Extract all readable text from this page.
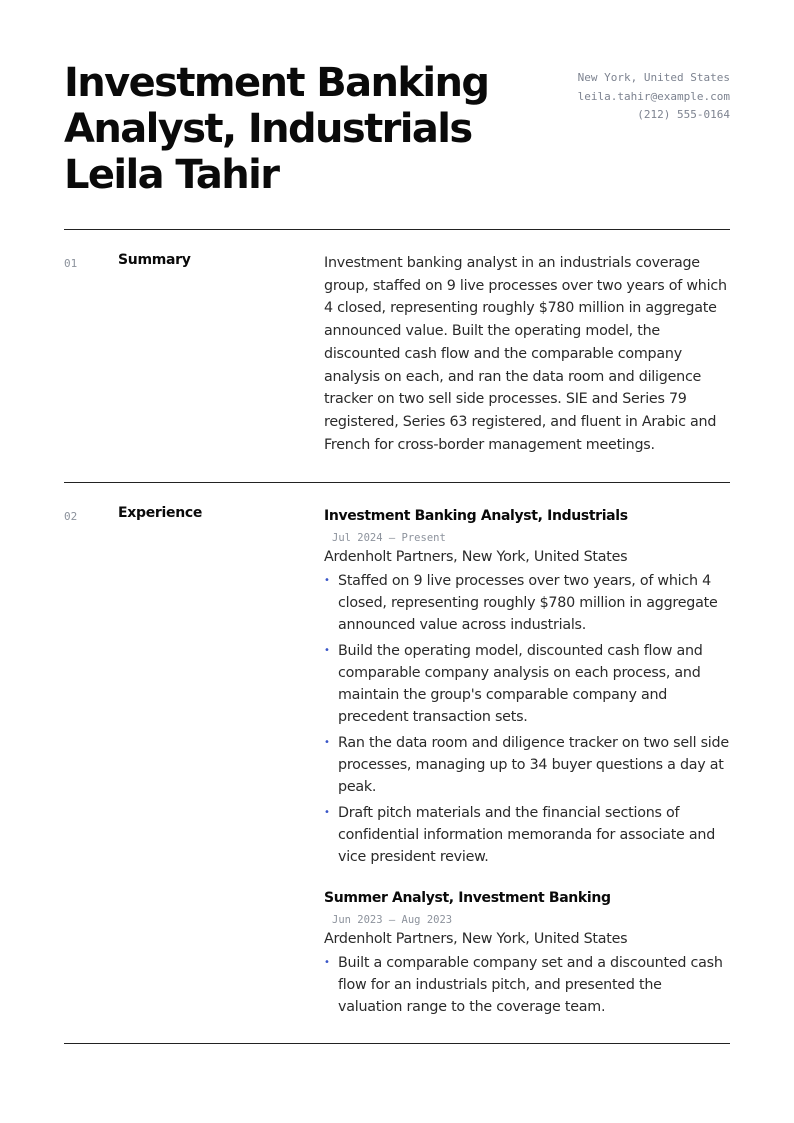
Investment Banking
Analyst, Industrials
Leila Tahir
New York, United States
leila.tahir@example.com
(212) 555-0164
01	Summary	Investment banking analyst in an industrials coverage group, staffed on 9 live processes over two years of which 4 closed, representing roughly $780 million in aggregate announced value. Built the operating model, the discounted cash flow and the comparable company analysis on each, and ran the data room and diligence tracker on two sell side processes. SIE and Series 79 registered, Series 63 registered, and fluent in Arabic and French for cross-border management meetings.
02	Experience	Investment Banking Analyst, Industrials
Jul 2024 — Present
Ardenholt Partners, New York, United States
• Staffed on 9 live processes over two years, of which 4 closed, representing roughly $780 million in aggregate announced value across industrials.
• Build the operating model, discounted cash flow and comparable company analysis on each process, and maintain the group's comparable company and precedent transaction sets.
• Ran the data room and diligence tracker on two sell side processes, managing up to 34 buyer questions a day at peak.
• Draft pitch materials and the financial sections of confidential information memoranda for associate and vice president review.
Summer Analyst, Investment Banking
Jun 2023 — Aug 2023
Ardenholt Partners, New York, United States
• Built a comparable company set and a discounted cash flow for an industrials pitch, and presented the valuation range to the coverage team.
